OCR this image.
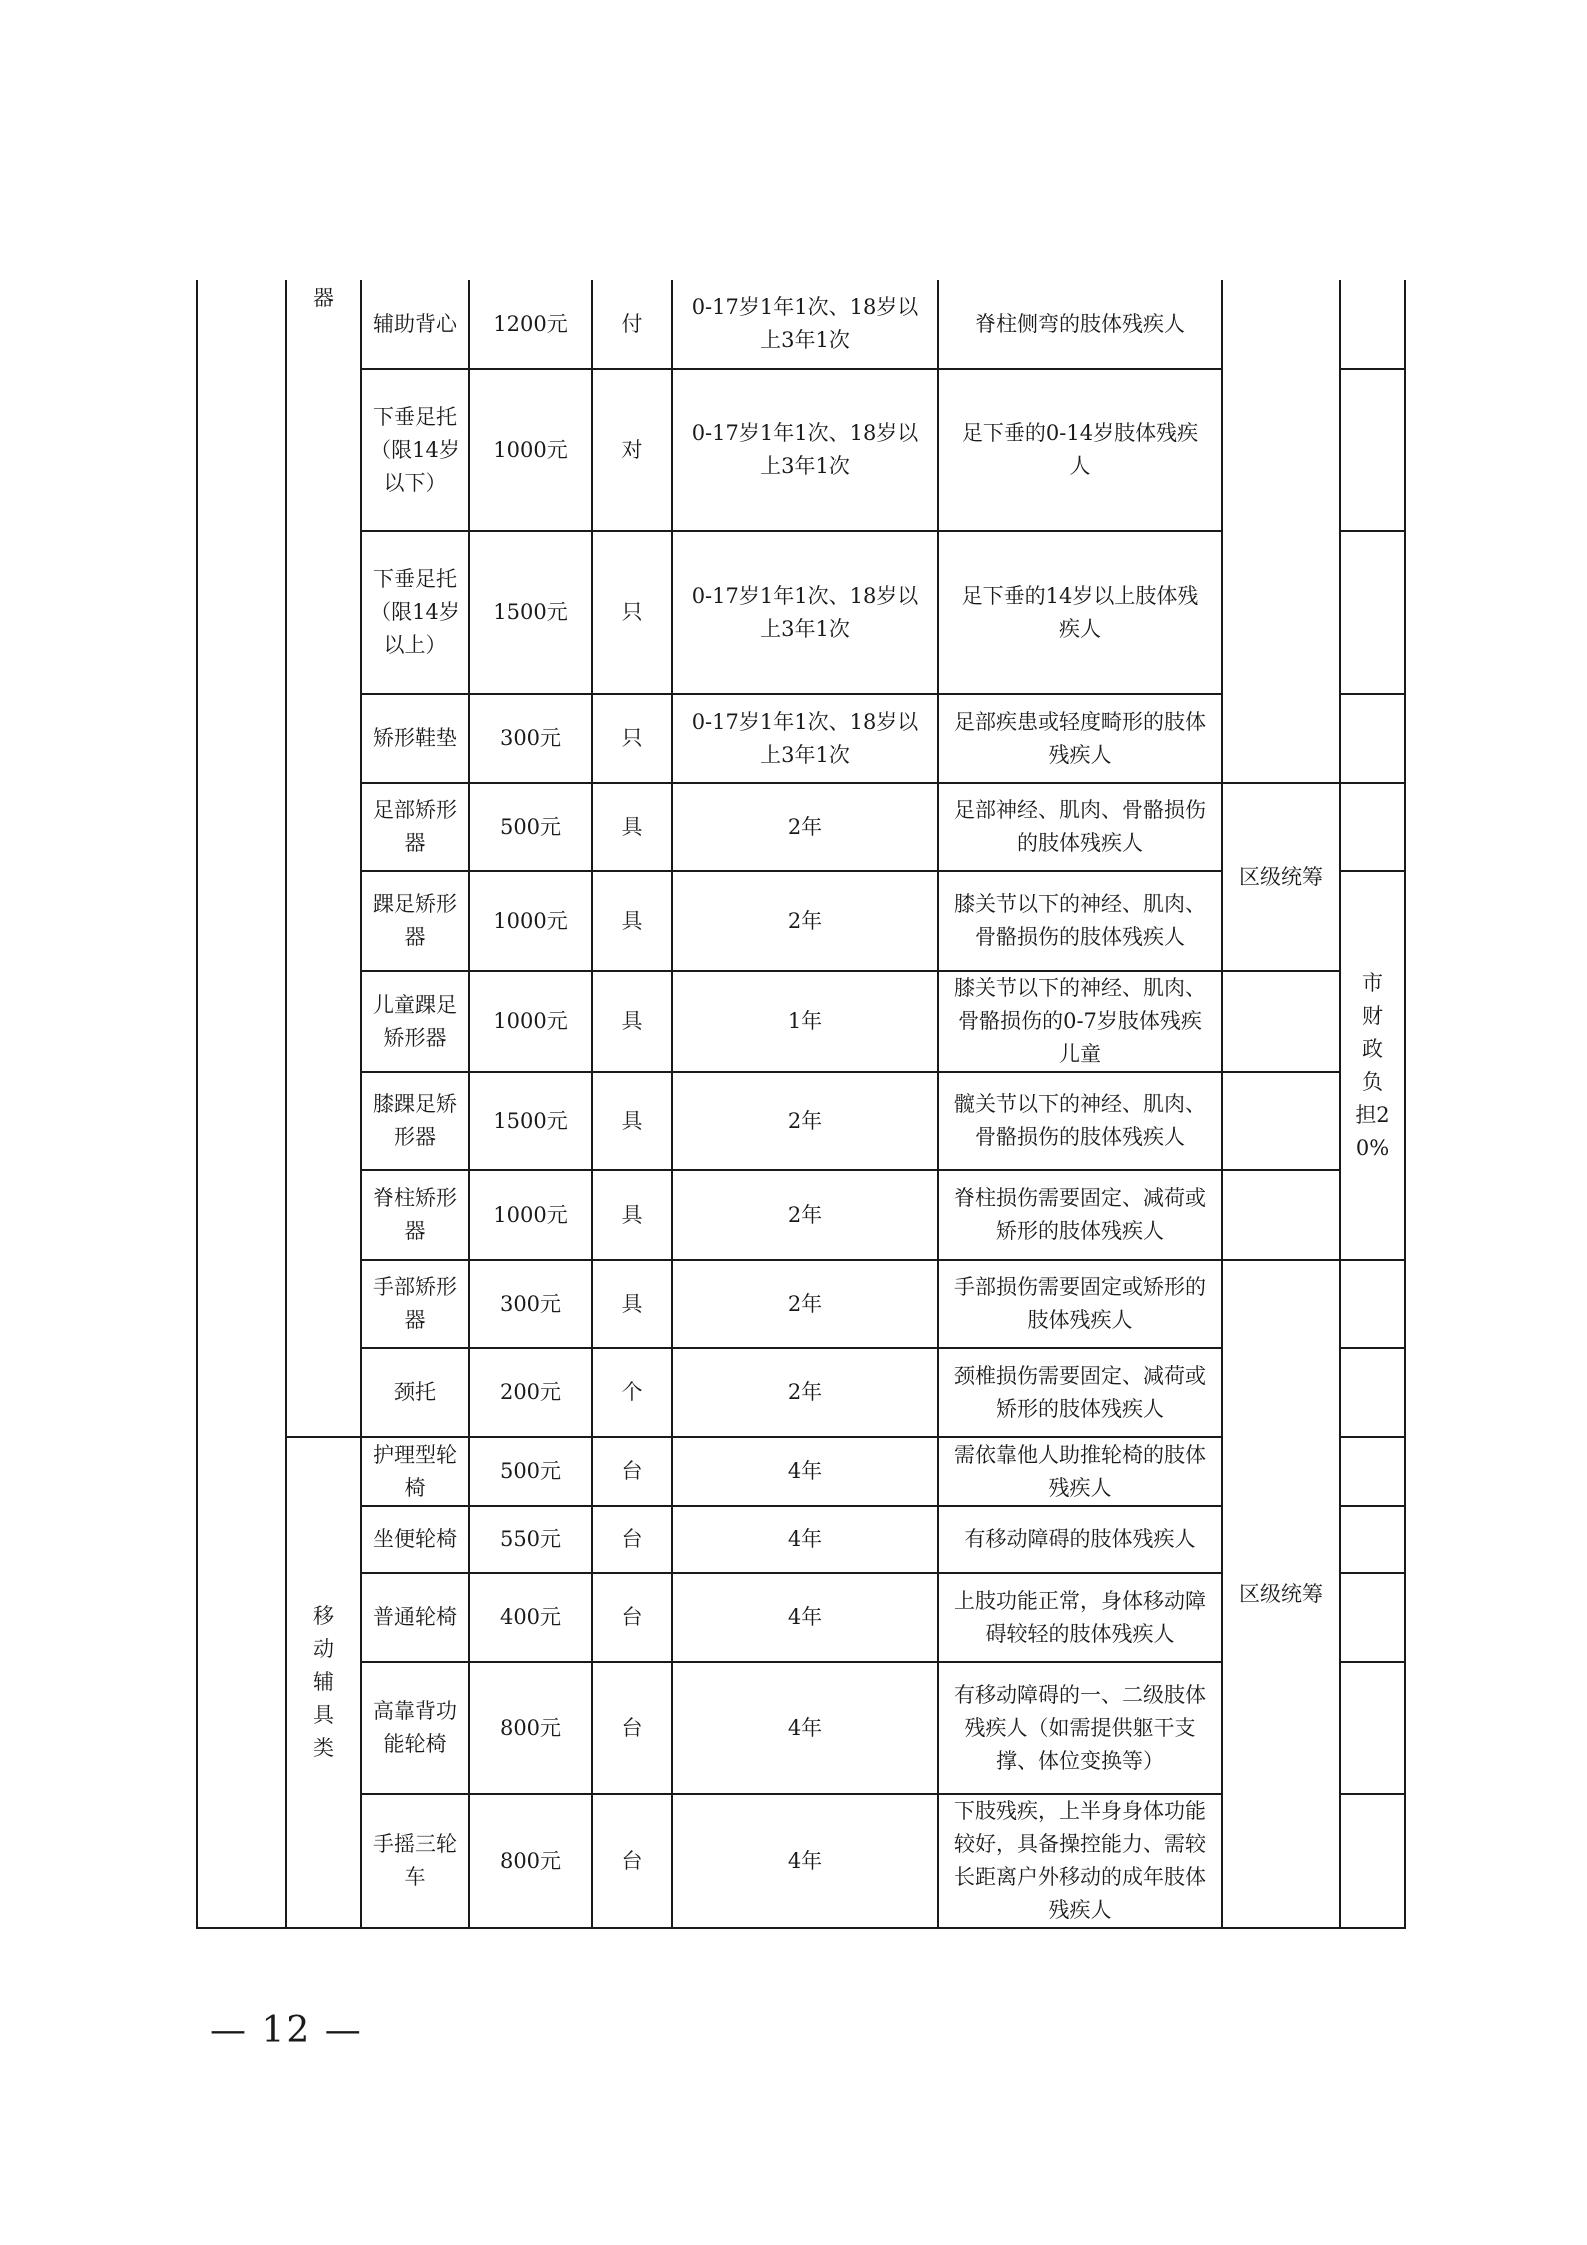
	器	辅助背心	1200元	付	0-17岁1年1次、18岁以上3年1次	脊柱侧弯的肢体残疾人			
		下垂足托（限14岁以下）	1000元	对	0-17岁1年1次、18岁以上3年1次	足下垂的0-14岁肢体残疾人			
		下垂足托（限14岁以上）	1500元	只	0-17岁1年1次、18岁以上3年1次	足下垂的14岁以上肢体残疾人			
		矫形鞋垫	300元	只	0-17岁1年1次、18岁以上3年1次	足部疾患或轻度畸形的肢体残疾人			
		足部矫形器	500元	具	2年	足部神经、肌肉、骨骼损伤的肢体残疾人	区级统筹		
		踝足矫形器	1000元	具	2年	膝关节以下的神经、肌肉、骨骼损伤的肢体残疾人		市财政负担20%	
		儿童踝足矫形器	1000元	具	1年	膝关节以下的神经、肌肉、骨骼损伤的0-7岁肢体残疾儿童			
		膝踝足矫形器	1500元	具	2年	髋关节以下的神经、肌肉、骨骼损伤的肢体残疾人			
		脊柱矫形器	1000元	具	2年	脊柱损伤需要固定、减荷或矫形的肢体残疾人			
		手部矫形器	300元	具	2年	手部损伤需要固定或矫形的肢体残疾人	区级统筹		
		颈托	200元	个	2年	颈椎损伤需要固定、减荷或矫形的肢体残疾人			
	移动辅具类	护理型轮椅	500元	台	4年	需依靠他人助推轮椅的肢体残疾人			
		坐便轮椅	550元	台	4年	有移动障碍的肢体残疾人			
		普通轮椅	400元	台	4年	上肢功能正常，身体移动障碍较轻的肢体残疾人			
		高靠背功能轮椅	800元	台	4年	有移动障碍的一、二级肢体残疾人（如需提供躯干支撑、体位变换等）			
		手摇三轮车	800元	台	4年	下肢残疾，上半身身体功能较好，具备操控能力、需较长距离户外移动的成年肢体残疾人			
— 12 —
